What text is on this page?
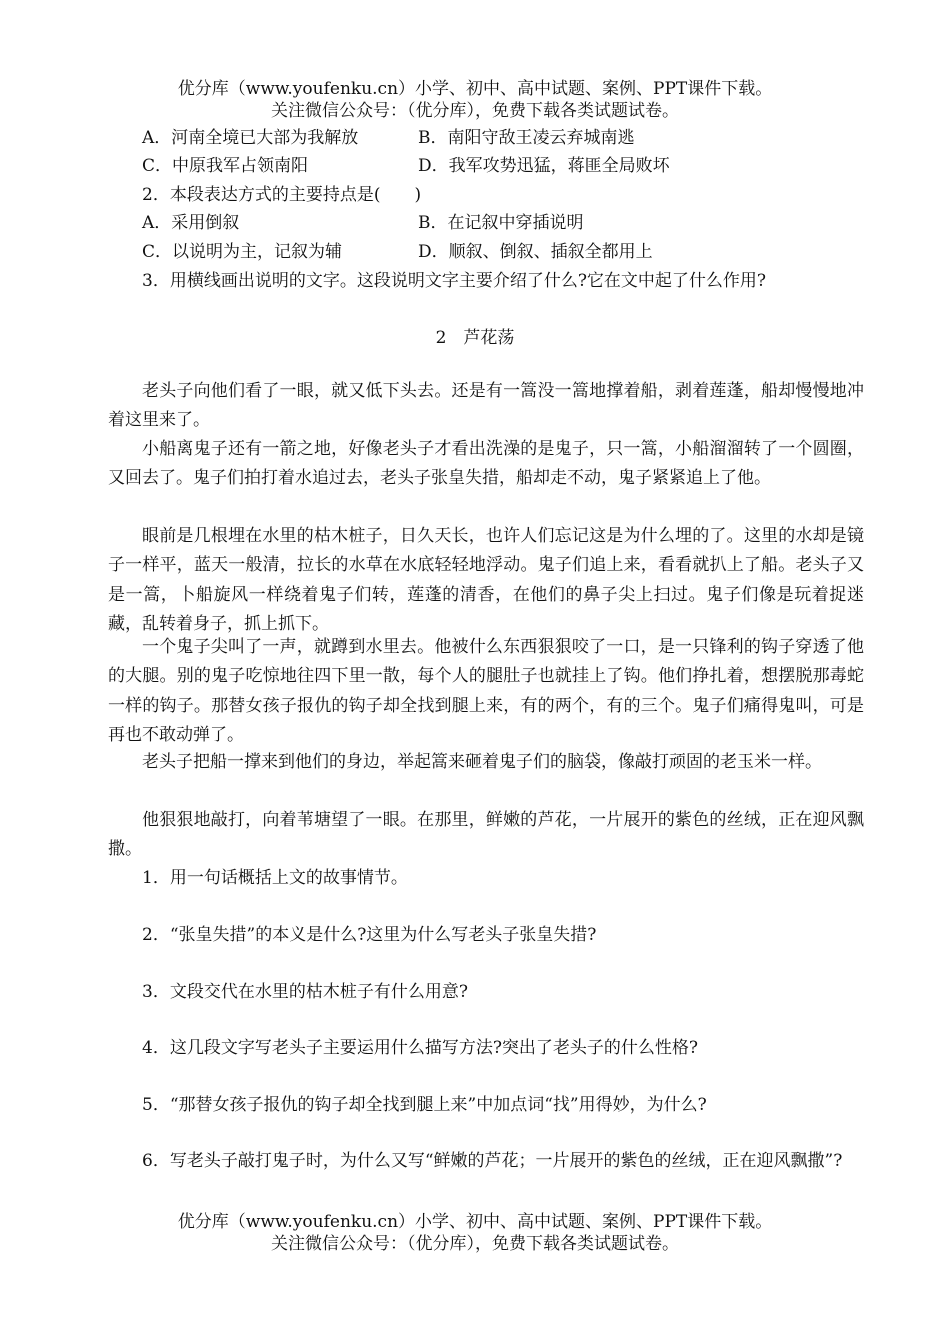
优分库（www.youfenku.cn）小学、初中、高中试题、案例、PPT课件下载。
关注微信公众号：（优分库），免费下载各类试题试卷。
A．河南全境已大部为我解放	B．南阳守敌王凌云弃城南逃
C．中原我军占领南阳	D．我军攻势迅猛，蒋匪全局败坏
2．本段表达方式的主要持点是(　　)
A．采用倒叙	B．在记叙中穿插说明
C．以说明为主，记叙为辅	D．顺叙、倒叙、插叙全都用上
3．用横线画出说明的文字。这段说明文字主要介绍了什么?它在文中起了什么作用?
2　芦花荡
老头子向他们看了一眼，就又低下头去。还是有一篙没一篙地撑着船，剥着莲蓬，船却慢慢地冲着这里来了。
小船离鬼子还有一箭之地，好像老头子才看出洗澡的是鬼子，只一篙，小船溜溜转了一个圆圈，又回去了。鬼子们拍打着水追过去，老头子张皇失措，船却走不动，鬼子紧紧追上了他。
眼前是几根埋在水里的枯木桩子，日久天长，也许人们忘记这是为什么埋的了。这里的水却是镜子一样平，蓝天一般清，拉长的水草在水底轻轻地浮动。鬼子们追上来，看看就扒上了船。老头子又是一篙，卜船旋风一样绕着鬼子们转，莲蓬的清香，在他们的鼻子尖上扫过。鬼子们像是玩着捉迷藏，乱转着身子，抓上抓下。
一个鬼子尖叫了一声，就蹲到水里去。他被什么东西狠狠咬了一口，是一只锋利的钩子穿透了他的大腿。别的鬼子吃惊地往四下里一散，每个人的腿肚子也就挂上了钩。他们挣扎着，想摆脱那毒蛇一样的钩子。那替女孩子报仇的钩子却全找到腿上来，有的两个，有的三个。鬼子们痛得鬼叫，可是再也不敢动弹了。
老头子把船一撑来到他们的身边，举起篙来砸着鬼子们的脑袋，像敲打顽固的老玉米一样。
他狠狠地敲打，向着苇塘望了一眼。在那里，鲜嫩的芦花，一片展开的紫色的丝绒，正在迎风飘撒。
1．用一句话概括上文的故事情节。
2．“张皇失措”的本义是什么?这里为什么写老头子张皇失措?
3．文段交代在水里的枯木桩子有什么用意?
4．这几段文字写老头子主要运用什么描写方法?突出了老头子的什么性格?
5．“那替女孩子报仇的钩子却全找到腿上来”中加点词“找”用得妙，为什么?
6．写老头子敲打鬼子时，为什么又写“鲜嫩的芦花；一片展开的紫色的丝绒，正在迎风飘撒”?
优分库（www.youfenku.cn）小学、初中、高中试题、案例、PPT课件下载。
关注微信公众号：（优分库），免费下载各类试题试卷。
